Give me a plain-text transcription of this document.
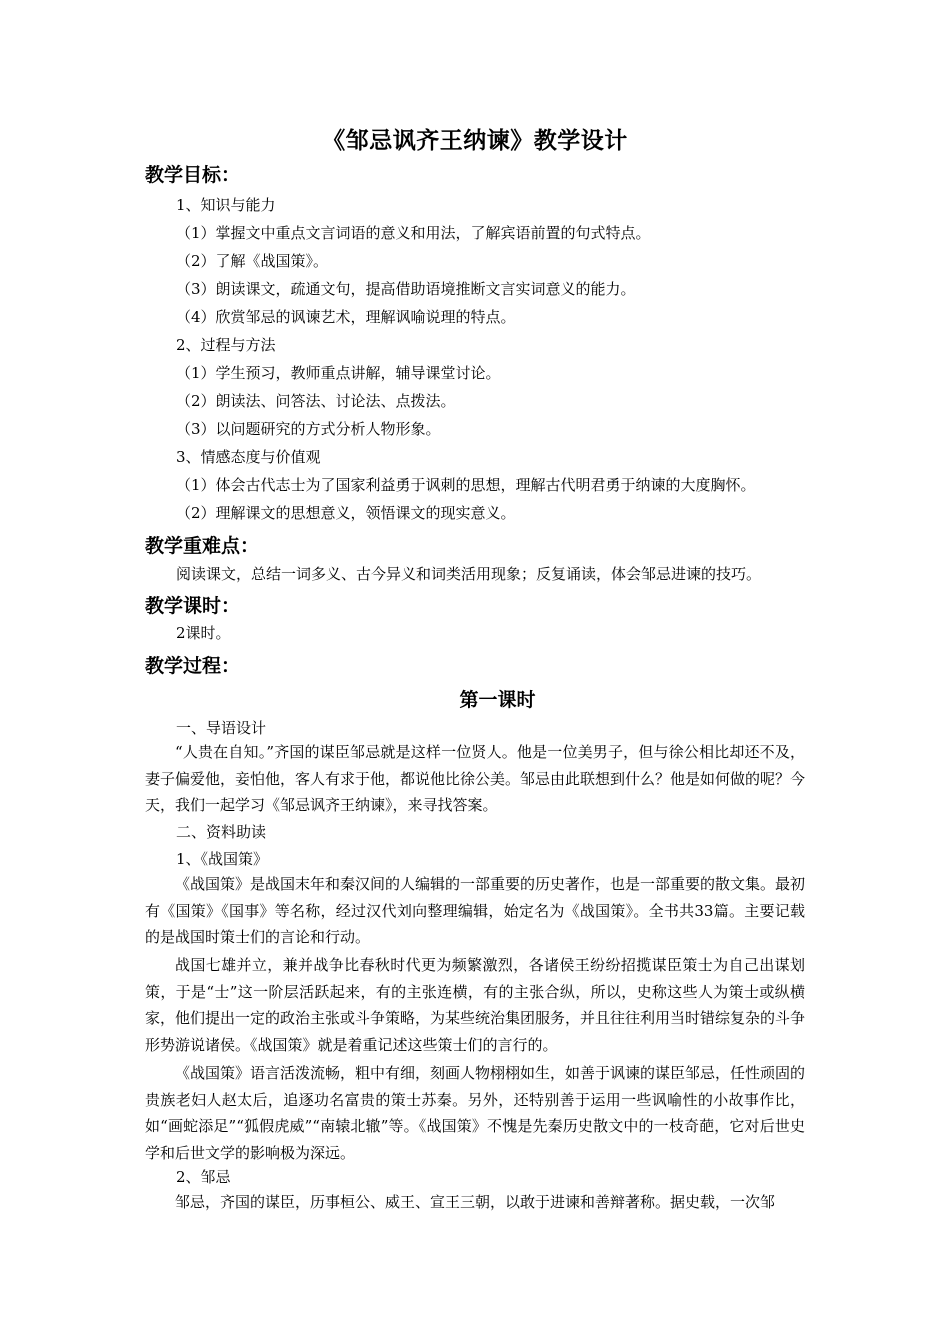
《邹忌讽齐王纳谏》教学设计
教学目标：
1、知识与能力
（1）掌握文中重点文言词语的意义和用法，了解宾语前置的句式特点。
（2）了解《战国策》。
（3）朗读课文，疏通文句，提高借助语境推断文言实词意义的能力。
（4）欣赏邹忌的讽谏艺术，理解讽喻说理的特点。
2、过程与方法
（1）学生预习，教师重点讲解，辅导课堂讨论。
（2）朗读法、问答法、讨论法、点拨法。
（3）以问题研究的方式分析人物形象。
3、情感态度与价值观
（1）体会古代志士为了国家利益勇于讽刺的思想，理解古代明君勇于纳谏的大度胸怀。
（2）理解课文的思想意义，领悟课文的现实意义。
教学重难点：
阅读课文，总结一词多义、古今异义和词类活用现象；反复诵读，体会邹忌进谏的技巧。
教学课时：
2课时。
教学过程：
第一课时
一、导语设计
“人贵在自知。”齐国的谋臣邹忌就是这样一位贤人。他是一位美男子，但与徐公相比却还不及，妻子偏爱他，妾怕他，客人有求于他，都说他比徐公美。邹忌由此联想到什么？他是如何做的呢？今天，我们一起学习《邹忌讽齐王纳谏》，来寻找答案。
二、资料助读
1、《战国策》
《战国策》是战国末年和秦汉间的人编辑的一部重要的历史著作，也是一部重要的散文集。最初有《国策》《国事》等名称，经过汉代刘向整理编辑，始定名为《战国策》。全书共33篇。主要记载的是战国时策士们的言论和行动。
战国七雄并立，兼并战争比春秋时代更为频繁激烈，各诸侯王纷纷招揽谋臣策士为自己出谋划策，于是“士”这一阶层活跃起来，有的主张连横，有的主张合纵，所以，史称这些人为策士或纵横家，他们提出一定的政治主张或斗争策略，为某些统治集团服务，并且往往利用当时错综复杂的斗争形势游说诸侯。《战国策》就是着重记述这些策士们的言行的。
《战国策》语言活泼流畅，粗中有细，刻画人物栩栩如生，如善于讽谏的谋臣邹忌，任性顽固的贵族老妇人赵太后，追逐功名富贵的策士苏秦。另外，还特别善于运用一些讽喻性的小故事作比，如“画蛇添足”“狐假虎威”“南辕北辙”等。《战国策》不愧是先秦历史散文中的一枝奇葩，它对后世史学和后世文学的影响极为深远。
2、邹忌
邹忌，齐国的谋臣，历事桓公、威王、宣王三朝，以敢于进谏和善辩著称。据史载，一次邹
